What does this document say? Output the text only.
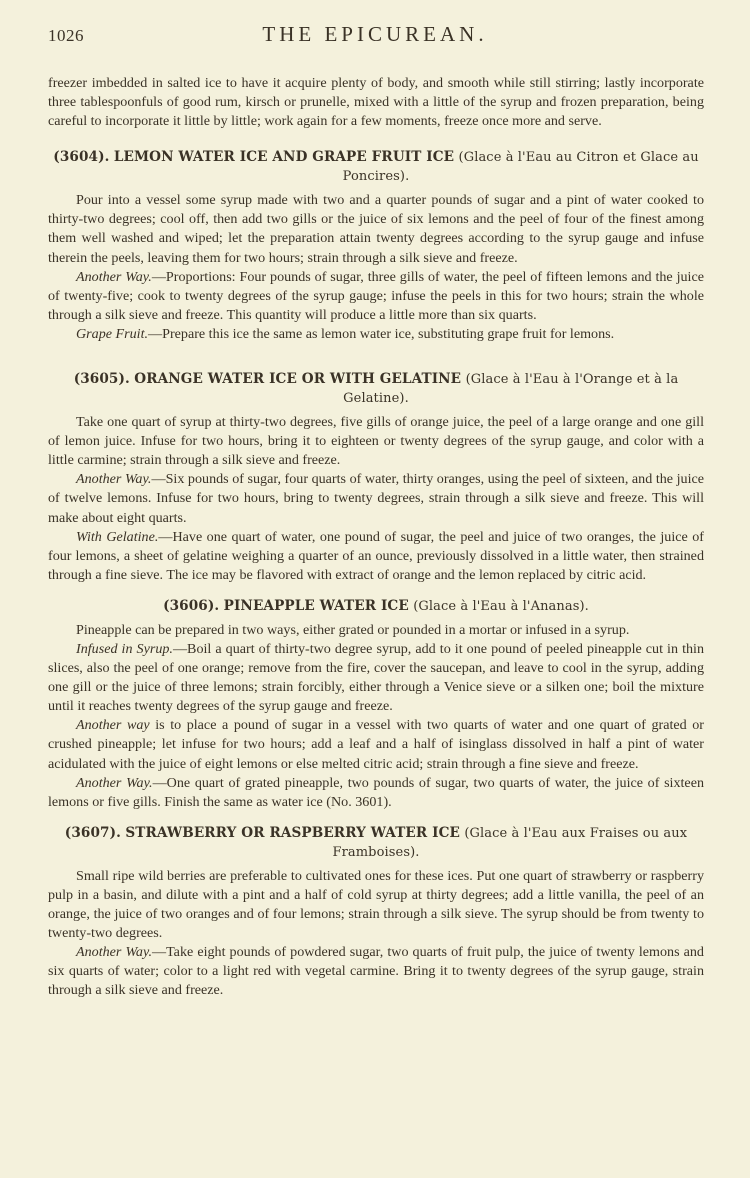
1026	THE EPICUREAN.

freezer imbedded in salted ice to have it acquire plenty of body, and smooth while still stirring; lastly incorporate three tablespoonfuls of good rum, kirsch or prunelle, mixed with a little of the syrup and frozen preparation, being careful to incorporate it little by little; work again for a few moments, freeze once more and serve.

(3604). LEMON WATER ICE AND GRAPE FRUIT ICE (Glace à l'Eau au Citron et Glace au Poncires).

Pour into a vessel some syrup made with two and a quarter pounds of sugar and a pint of water cooked to thirty-two degrees; cool off, then add two gills or the juice of six lemons and the peel of four of the finest among them well washed and wiped; let the preparation attain twenty degrees according to the syrup gauge and infuse therein the peels, leaving them for two hours; strain through a silk sieve and freeze.

Another Way.—Proportions: Four pounds of sugar, three gills of water, the peel of fifteen lemons and the juice of twenty-five; cook to twenty degrees of the syrup gauge; infuse the peels in this for two hours; strain the whole through a silk sieve and freeze. This quantity will produce a little more than six quarts.

Grape Fruit.—Prepare this ice the same as lemon water ice, substituting grape fruit for lemons.

(3605). ORANGE WATER ICE OR WITH GELATINE (Glace à l'Eau à l'Orange et à la Gelatine).

Take one quart of syrup at thirty-two degrees, five gills of orange juice, the peel of a large orange and one gill of lemon juice. Infuse for two hours, bring it to eighteen or twenty degrees of the syrup gauge, and color with a little carmine; strain through a silk sieve and freeze.

Another Way.—Six pounds of sugar, four quarts of water, thirty oranges, using the peel of sixteen, and the juice of twelve lemons. Infuse for two hours, bring to twenty degrees, strain through a silk sieve and freeze. This will make about eight quarts.

With Gelatine.—Have one quart of water, one pound of sugar, the peel and juice of two oranges, the juice of four lemons, a sheet of gelatine weighing a quarter of an ounce, previously dissolved in a little water, then strained through a fine sieve. The ice may be flavored with extract of orange and the lemon replaced by citric acid.

(3606). PINEAPPLE WATER ICE (Glace à l'Eau à l'Ananas).

Pineapple can be prepared in two ways, either grated or pounded in a mortar or infused in a syrup.

Infused in Syrup.—Boil a quart of thirty-two degree syrup, add to it one pound of peeled pineapple cut in thin slices, also the peel of one orange; remove from the fire, cover the saucepan, and leave to cool in the syrup, adding one gill or the juice of three lemons; strain forcibly, either through a Venice sieve or a silken one; boil the mixture until it reaches twenty degrees of the syrup gauge and freeze.

Another way is to place a pound of sugar in a vessel with two quarts of water and one quart of grated or crushed pineapple; let infuse for two hours; add a leaf and a half of isinglass dissolved in half a pint of water acidulated with the juice of eight lemons or else melted citric acid; strain through a fine sieve and freeze.

Another Way.—One quart of grated pineapple, two pounds of sugar, two quarts of water, the juice of sixteen lemons or five gills. Finish the same as water ice (No. 3601).

(3607). STRAWBERRY OR RASPBERRY WATER ICE (Glace à l'Eau aux Fraises ou aux Framboises).

Small ripe wild berries are preferable to cultivated ones for these ices. Put one quart of strawberry or raspberry pulp in a basin, and dilute with a pint and a half of cold syrup at thirty degrees; add a little vanilla, the peel of an orange, the juice of two oranges and of four lemons; strain through a silk sieve. The syrup should be from twenty to twenty-two degrees.

Another Way.—Take eight pounds of powdered sugar, two quarts of fruit pulp, the juice of twenty lemons and six quarts of water; color to a light red with vegetal carmine. Bring it to twenty degrees of the syrup gauge, strain through a silk sieve and freeze.
